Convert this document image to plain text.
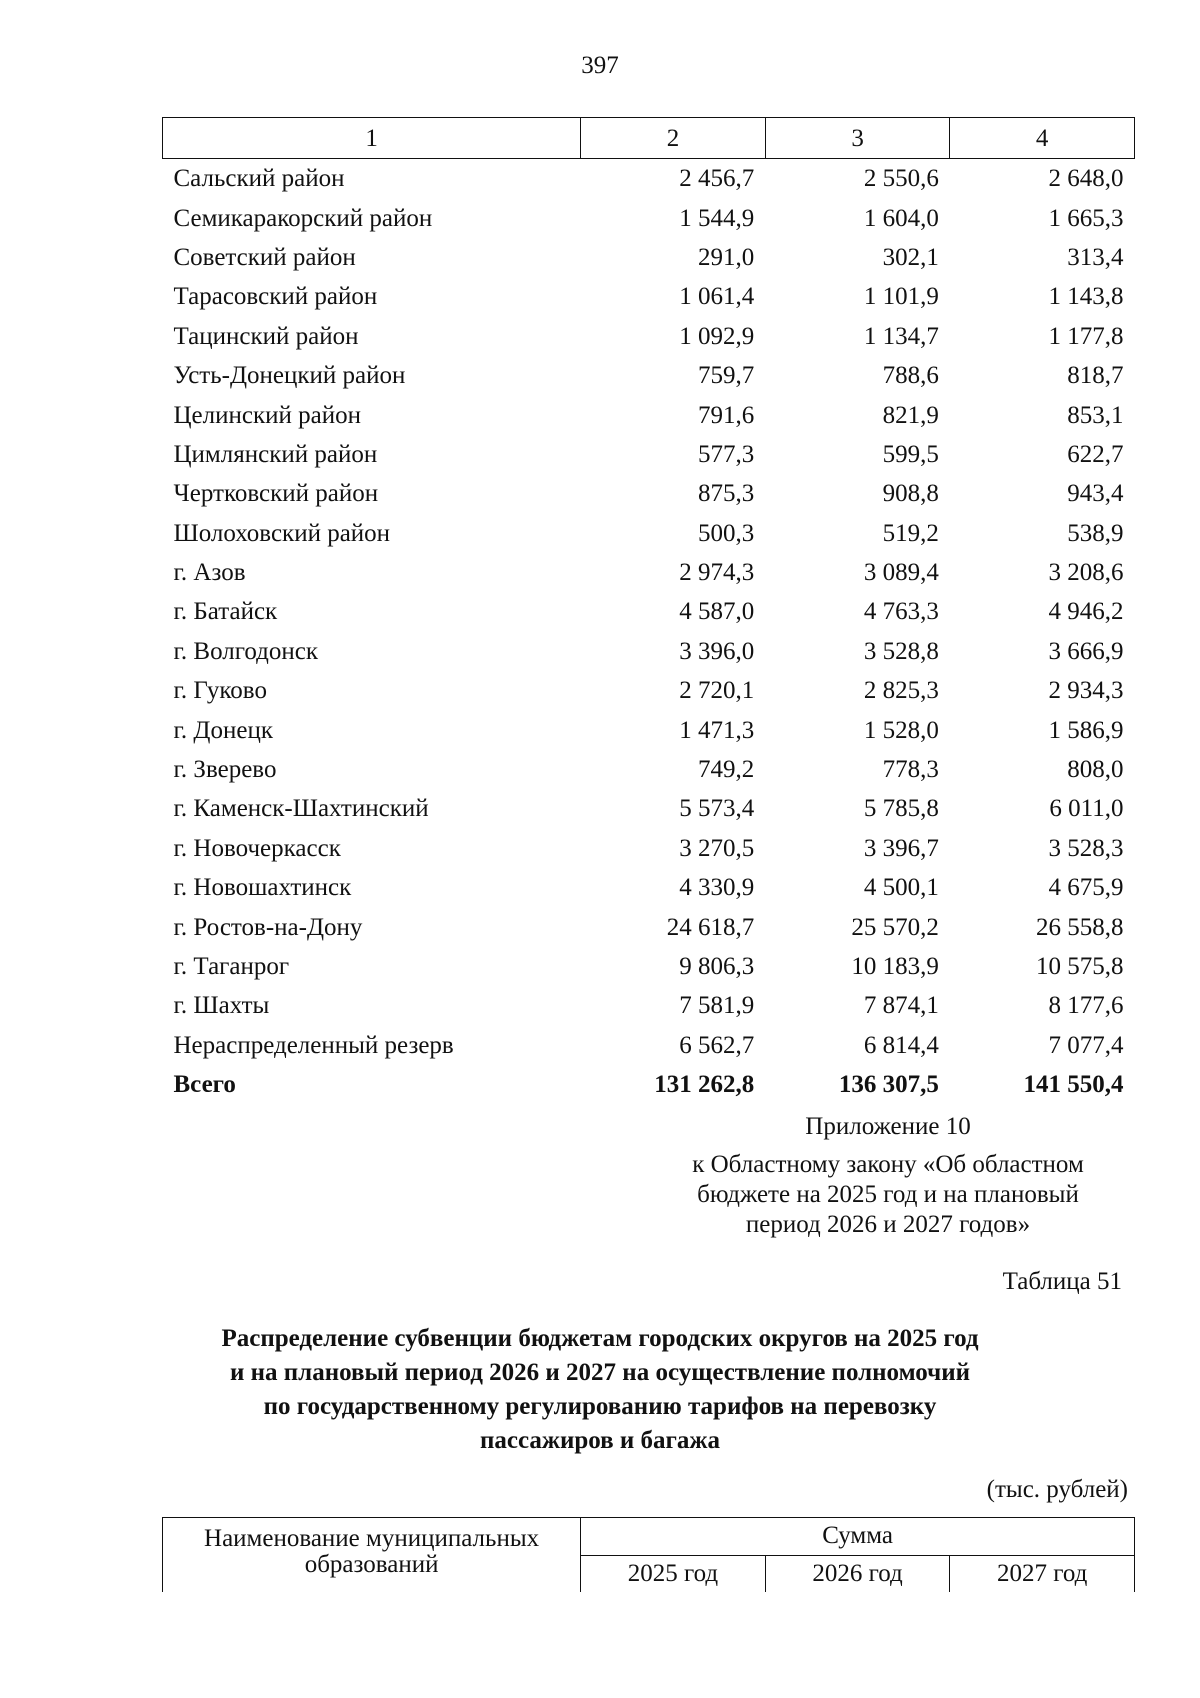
397
1	2	3	4
Сальский район	2 456,7	2 550,6	2 648,0
Семикаракорский район	1 544,9	1 604,0	1 665,3
Советский район	291,0	302,1	313,4
Тарасовский район	1 061,4	1 101,9	1 143,8
Тацинский район	1 092,9	1 134,7	1 177,8
Усть-Донецкий район	759,7	788,6	818,7
Целинский район	791,6	821,9	853,1
Цимлянский район	577,3	599,5	622,7
Чертковский район	875,3	908,8	943,4
Шолоховский район	500,3	519,2	538,9
г. Азов	2 974,3	3 089,4	3 208,6
г. Батайск	4 587,0	4 763,3	4 946,2
г. Волгодонск	3 396,0	3 528,8	3 666,9
г. Гуково	2 720,1	2 825,3	2 934,3
г. Донецк	1 471,3	1 528,0	1 586,9
г. Зверево	749,2	778,3	808,0
г. Каменск-Шахтинский	5 573,4	5 785,8	6 011,0
г. Новочеркасск	3 270,5	3 396,7	3 528,3
г. Новошахтинск	4 330,9	4 500,1	4 675,9
г. Ростов-на-Дону	24 618,7	25 570,2	26 558,8
г. Таганрог	9 806,3	10 183,9	10 575,8
г. Шахты	7 581,9	7 874,1	8 177,6
Нераспределенный резерв	6 562,7	6 814,4	7 077,4
Всего	131 262,8	136 307,5	141 550,4
Приложение 10
к Областному закону «Об областном
бюджете на 2025 год и на плановый
период 2026 и 2027 годов»
Таблица 51
Распределение субвенции бюджетам городских округов на 2025 год
и на плановый период 2026 и 2027 на осуществление полномочий
по государственному регулированию тарифов на перевозку
пассажиров и багажа
(тыс. рублей)
Наименование муниципальных
образований	Сумма		
	2025 год	2026 год	2027 год
